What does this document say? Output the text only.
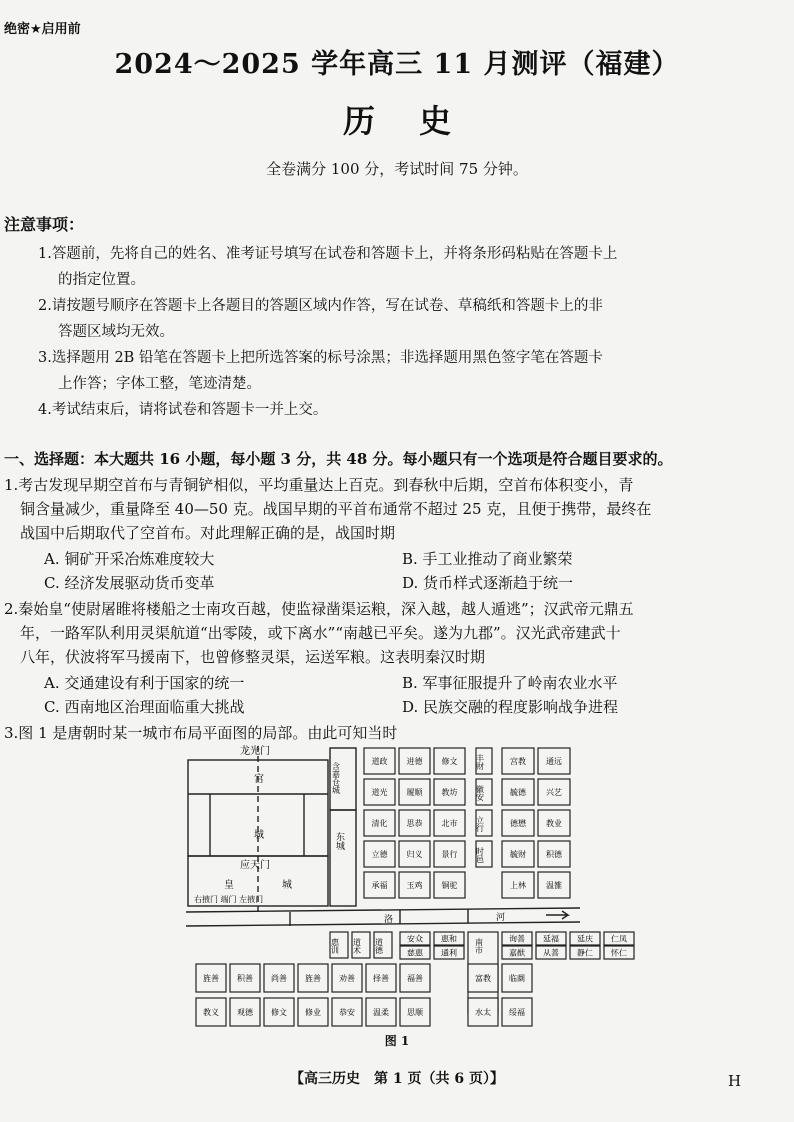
绝密★启用前
2024～2025 学年高三 11 月测评（福建）
历史
全卷满分 100 分，考试时间 75 分钟。
注意事项：
1.答题前，先将自己的姓名、准考证号填写在试卷和答题卡上，并将条形码粘贴在答题卡上
的指定位置。
2.请按题号顺序在答题卡上各题目的答题区域内作答，写在试卷、草稿纸和答题卡上的非
答题区域均无效。
3.选择题用 2B 铅笔在答题卡上把所选答案的标号涂黑；非选择题用黑色签字笔在答题卡
上作答；字体工整，笔迹清楚。
4.考试结束后，请将试卷和答题卡一并上交。
一、选择题：本大题共 16 小题，每小题 3 分，共 48 分。每小题只有一个选项是符合题目要求的。
1.考古发现早期空首布与青铜铲相似，平均重量达上百克。到春秋中后期，空首布体积变小，青
铜含量减少，重量降至 40—50 克。战国早期的平首布通常不超过 25 克，且便于携带，最终在
战国中后期取代了空首布。对此理解正确的是，战国时期
A. 铜矿开采冶炼难度较大	B. 手工业推动了商业繁荣
C. 经济发展驱动货币变革	D. 货币样式逐渐趋于统一
2.秦始皇“使尉屠睢将楼船之士南攻百越，使监禄凿渠运粮，深入越，越人遁逃”；汉武帝元鼎五
年，一路军队利用灵渠航道“出零陵，或下离水”“南越已平矣。遂为九郡”。汉光武帝建武十
八年，伏波将军马援南下，也曾修整灵渠，运送军粮。这表明秦汉时期
A. 交通建设有利于国家的统一	B. 军事征服提升了岭南农业水平
C. 西南地区治理面临重大挑战	D. 民族交融的程度影响战争进程
3.图 1 是唐朝时某一城市布局平面图的局部。由此可知当时
道政 进德 修文
道光 履顺 教坊
清化 思恭 北市
立德 归义 景行
承福 玉鸡 铜驼
丰财
徽安
立行
时邑
宫教	通远
毓德	兴艺
德懋	教业
毓财	积德
上林	温雒
惠训 道术 道德	安众
慈惠
惠和
通利 南市	询善
嘉猷
延福
从善
延庆
静仁
仁凤
怀仁
旌善 积善 尚善 旌善 劝善 择善 福善
教义 观德 修文 修业 恭安 温柔 思顺
富教 临阛
水太 绥福
龙光门
宫
城
含嘉仓城
东城
应天门
皇	城
右掖门 端门 左掖门
洛	河
图 1
【高三历史　第 1 页（共 6 页）】	H
